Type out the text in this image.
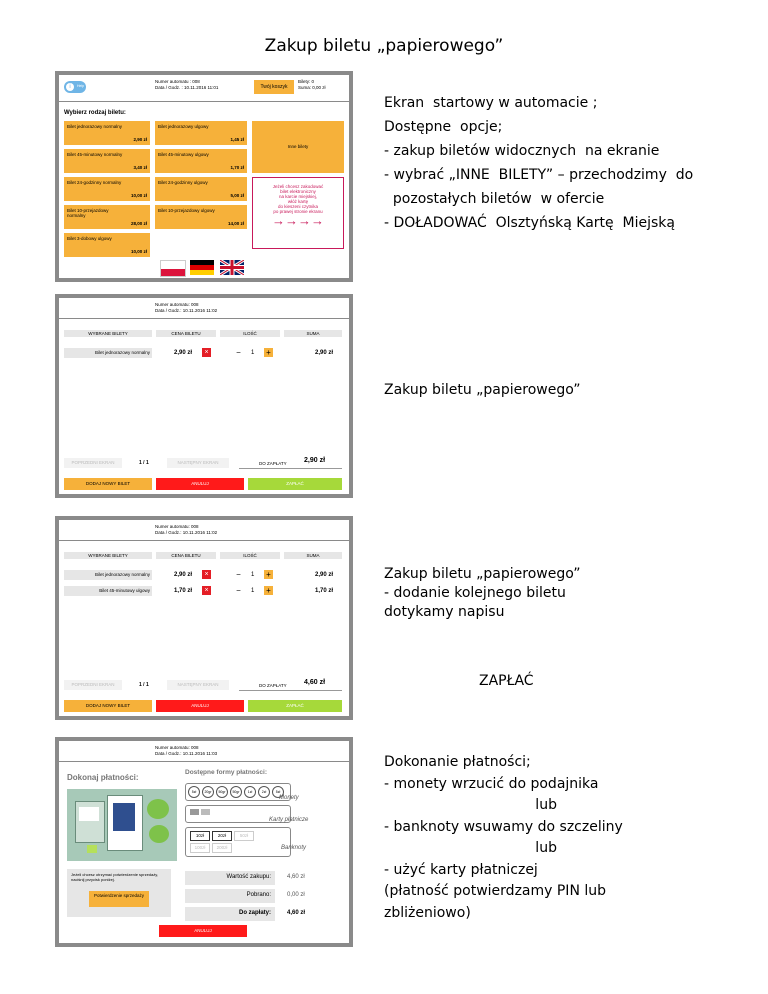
Zakup biletu „papierowego”
Ekran  startowy w automacie ;
Dostępne  opcje;
- zakup biletów widocznych  na ekranie
- wybrać „INNE  BILETY” – przechodzimy  do
pozostałych biletów  w ofercie
- DOŁADOWAĆ  Olsztyńską Kartę  Miejską
Zakup biletu „papierowego”
Zakup biletu „papierowego”
- dodanie kolejnego biletu
dotykamy napisu
ZAPŁAĆ
Dokonanie płatności;
- monety wrzucić do podajnika
lub
- banknoty wsuwamy do szczeliny
lub
- użyć karty płatniczej
(płatność potwierdzamy PIN lub
zbliżeniowo)
i	Help
Numer automatu : 008
Data / Godz. : 10.11.2016 11:01	Twój koszyk
Bilety: 0
Suma: 0,00 zł
Wybierz rodzaj biletu:
Bilet jednorazowy normalny
2,90 zł
Bilet jednorazowy ulgowy
1,45 zł
Bilet 45-minutowy normalny
3,40 zł
Bilet 45-minutowy ulgowy
1,70 zł
Bilet 24-godzinny normalny
10,00 zł
Bilet 24-godzinny ulgowy
5,00 zł
Bilet 10-przejazdowy normalny
28,00 zł
Bilet 10-przejazdowy ulgowy
14,00 zł
Bilet 3-dobowy ulgowy
10,00 zł
Inne bilety
Jeżeli chcesz zakodować
bilet elektroniczny
na karcie miejskiej,
włóż kartę
do kieszeni czytnika
po prawej stronie ekranu
→→→→
Numer automatu: 008
Data / Godz.: 10.11.2016 11:02
WYBRANE BILETY	CENA BILETU	ILOŚĆ	SUMA
Bilet jednorazowy normalny	2,90 zł	×	−	1 +	2,90 zł
POPRZEDNI EKRAN	1 / 1	NASTĘPNY EKRAN	DO ZAPŁATY 2,90 zł
DODAJ NOWY BILET	ANULUJ	ZAPŁAĆ
Numer automatu: 008
Data / Godz.: 10.11.2016 11:02
WYBRANE BILETY	CENA BILETU	ILOŚĆ	SUMA
Bilet jednorazowy normalny	2,90 zł	×	−	1 +	2,90 zł
Bilet 45-minutowy ulgowy	1,70 zł	×	−	1 +	1,70 zł
POPRZEDNI EKRAN	1 / 1	NASTĘPNY EKRAN	DO ZAPŁATY 4,60 zł
DODAJ NOWY BILET	ANULUJ	ZAPŁAĆ
Numer automatu: 008
Data / Godz.: 10.11.2016 11:03
Dokonaj płatności:
Dostępne formy płatności:
5zł	20gr	50gr	50gr	1zł	2zł	5zł
Monety
Karty płatnicze
10zł	20zł	50zł
100zł	200zł	Banknoty
Jeżeli chcesz otrzymać potwierdzenie sprzedaży, naciśnij przycisk poniżej.
Potwierdzenie sprzedaży
Wartość zakupu:	4,60 zł
Pobrano:	0,00 zł
Do zapłaty:	4,60 zł
ANULUJ
